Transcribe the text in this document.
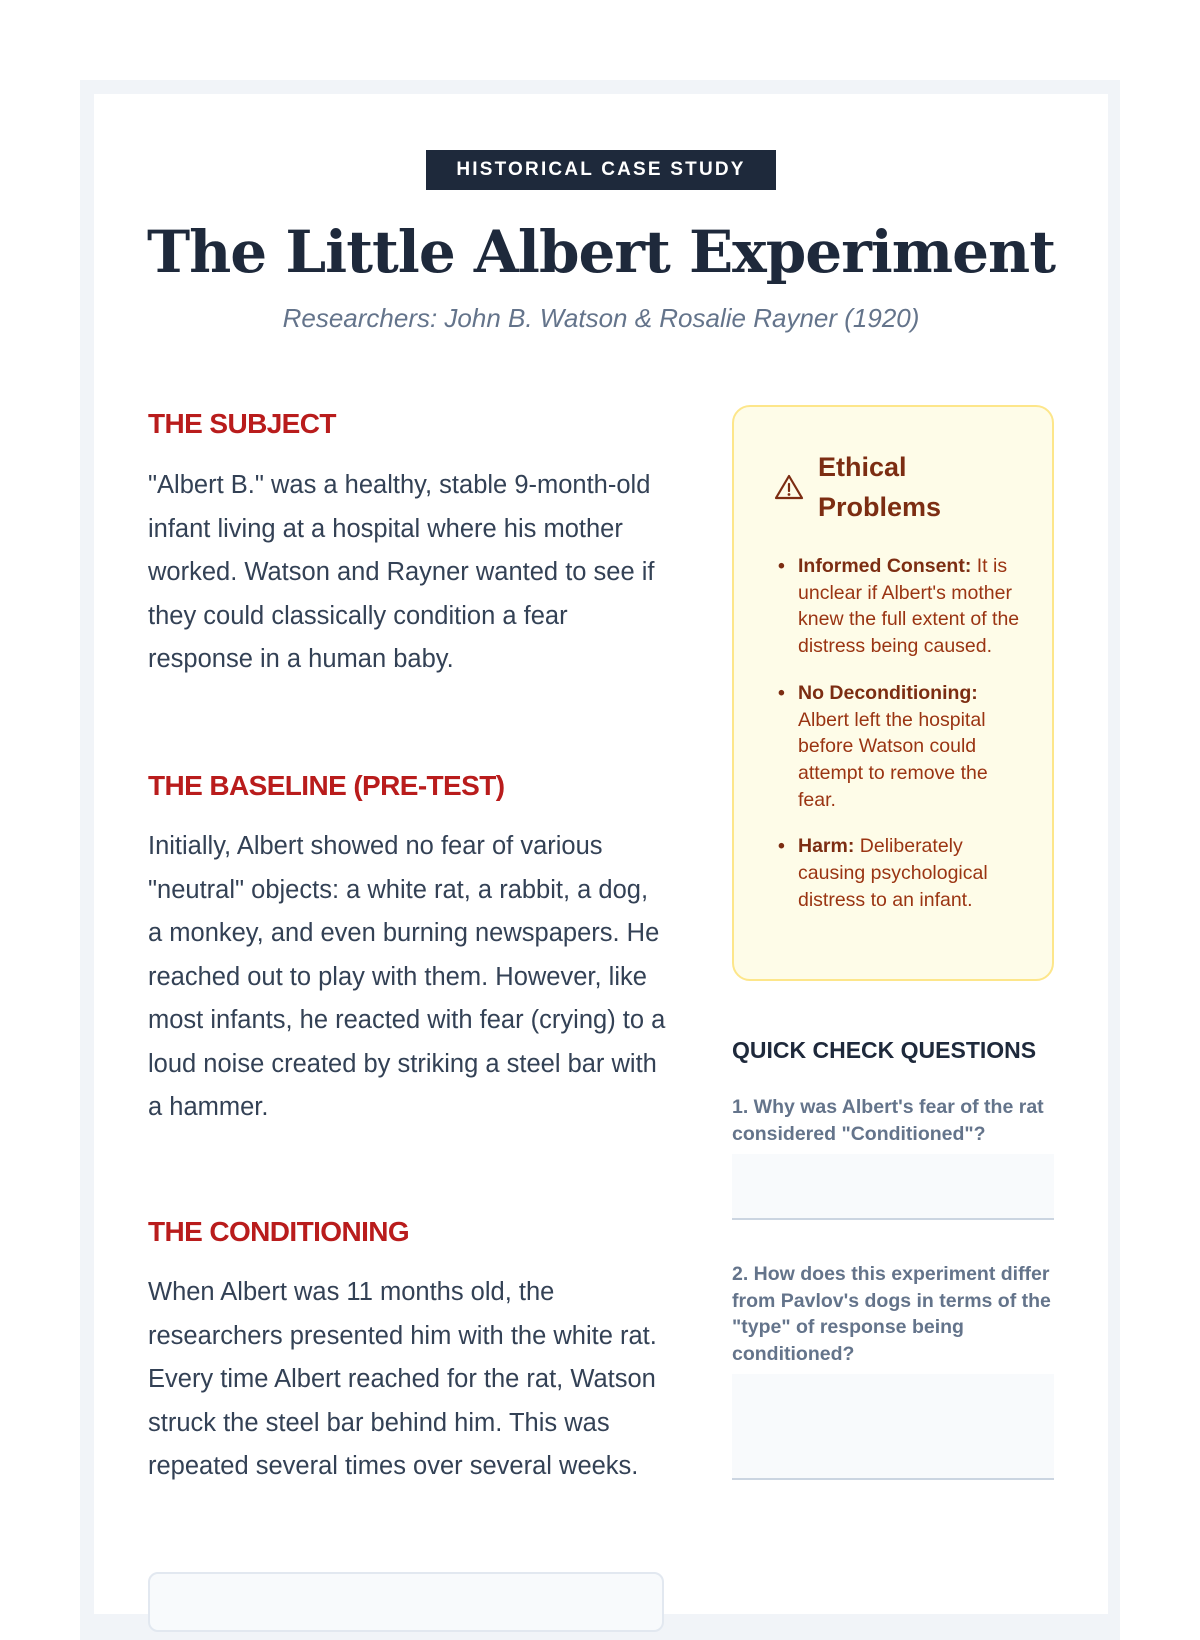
HISTORICAL CASE STUDY
The Little Albert Experiment
Researchers: John B. Watson & Rosalie Rayner (1920)
THE SUBJECT

"Albert B." was a healthy, stable 9-month-old infant living at a hospital where his mother worked. Watson and Rayner wanted to see if they could classically condition a fear response in a human baby.

THE BASELINE (PRE-TEST)

Initially, Albert showed no fear of various "neutral" objects: a white rat, a rabbit, a dog, a monkey, and even burning newspapers. He reached out to play with them. However, like most infants, he reacted with fear (crying) to a loud noise created by striking a steel bar with a hammer.

THE CONDITIONING

When Albert was 11 months old, the researchers presented him with the white rat. Every time Albert reached for the rat, Watson struck the steel bar behind him. This was repeated several times over several weeks.

Ethical Problems
• Informed Consent: It is unclear if Albert's mother knew the full extent of the distress being caused.
• No Deconditioning: Albert left the hospital before Watson could attempt to remove the fear.
• Harm: Deliberately causing psychological distress to an infant.
QUICK CHECK QUESTIONS
1. Why was Albert's fear of the rat considered "Conditioned"?
2. How does this experiment differ from Pavlov's dogs in terms of the "type" of response being conditioned?
